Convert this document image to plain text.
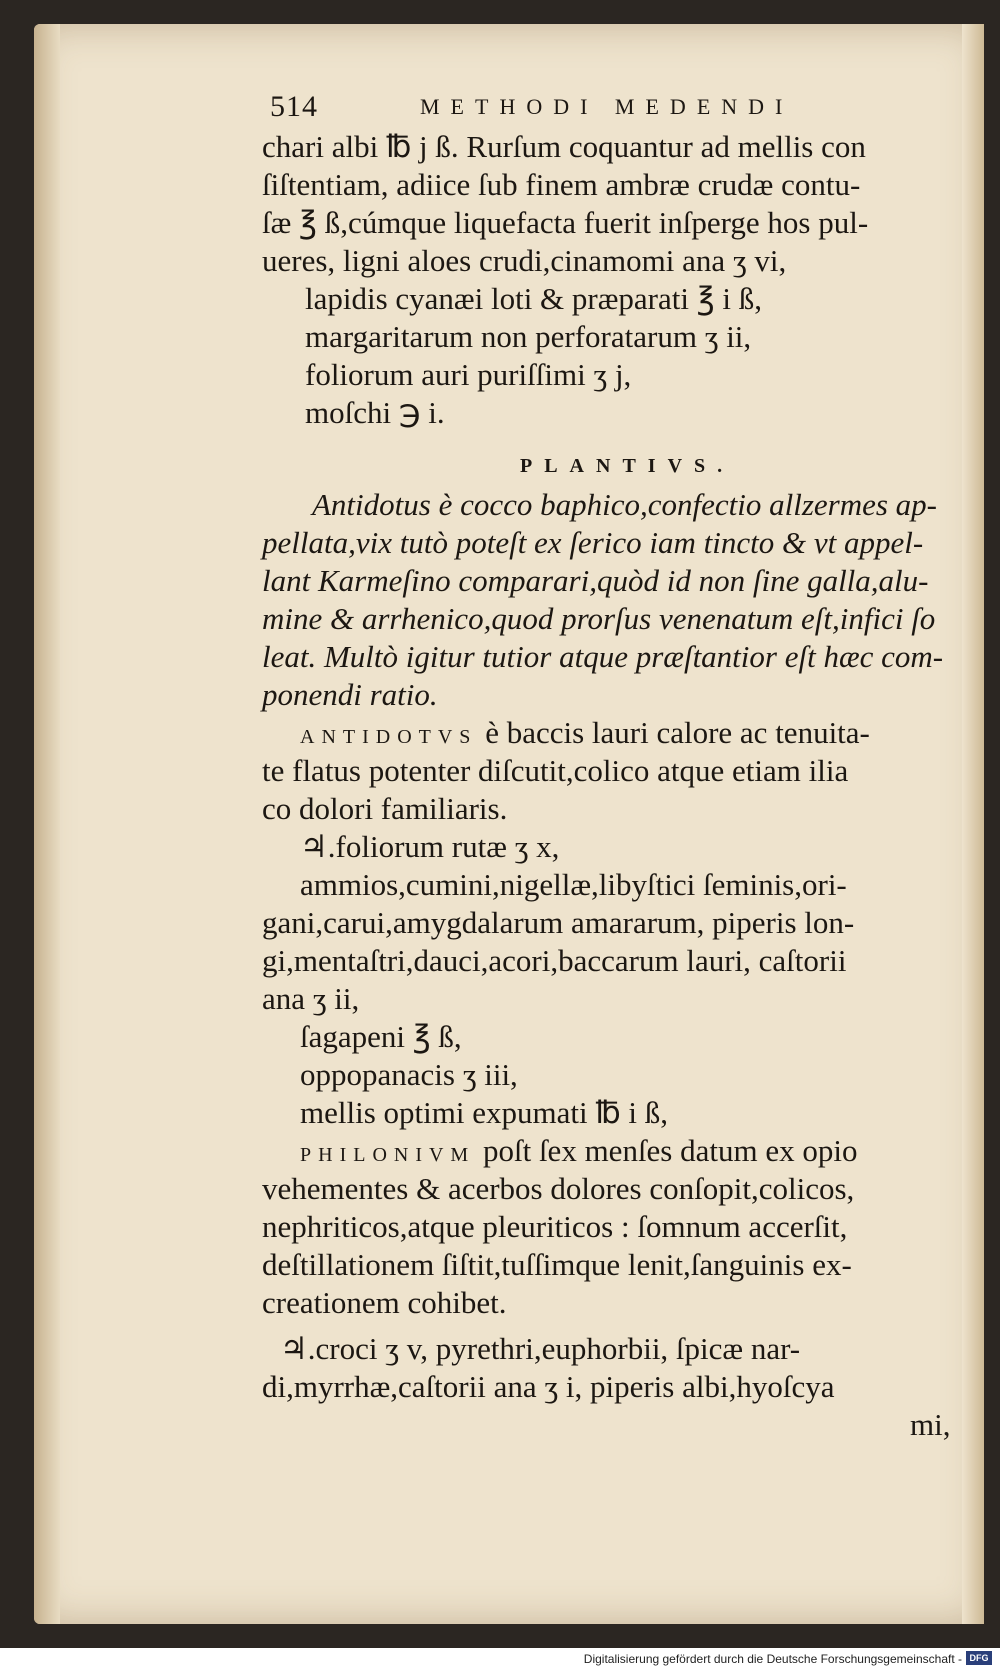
514	METHODI MEDENDI
chari albi ℔ j ß. Rurſum coquantur ad mellis con
ſiſtentiam, adiice ſub finem ambræ crudæ contu-
ſæ ℥ ß,cúmque liquefacta fuerit inſperge hos pul-
ueres, ligni aloes crudi,cinamomi ana ʒ vi,
lapidis cyanæi loti & præparati ℥ i ß,
margaritarum non perforatarum ʒ ii,
foliorum auri puriſſimi ʒ j,
moſchi ℈ i.
PLANTIVS.
Antidotus è cocco baphico,confectio allzermes ap-
pellata,vix tutò poteſt ex ſerico iam tincto & vt appel-
lant Karmeſino comparari,quòd id non ſine galla,alu-
mine & arrhenico,quod prorſus venenatum eſt,infici ſo
leat. Multò igitur tutior atque præſtantior eſt hæc com-
ponendi ratio.
ANTIDOTVS è baccis lauri calore ac tenuita-
te flatus potenter diſcutit,colico atque etiam ilia
co dolori familiaris.
♃.foliorum rutæ ʒ x,
ammios,cumini,nigellæ,libyſtici ſeminis,ori-
gani,carui,amygdalarum amararum, piperis lon-
gi,mentaſtri,dauci,acori,baccarum lauri, caſtorii
ana ʒ ii,
ſagapeni ℥ ß,
oppopanacis ʒ iii,
mellis optimi expumati ℔ i ß,
PHILONIVM poſt ſex menſes datum ex opio
vehementes & acerbos dolores conſopit,colicos,
nephriticos,atque pleuriticos : ſomnum accerſit,
deſtillationem ſiſtit,tuſſimque lenit,ſanguinis ex-
creationem cohibet.
♃.croci ʒ v, pyrethri,euphorbii, ſpicæ nar-
di,myrrhæ,caſtorii ana ʒ i, piperis albi,hyoſcya
mi,
Digitalisierung gefördert durch die Deutsche Forschungsgemeinschaft - DFG
